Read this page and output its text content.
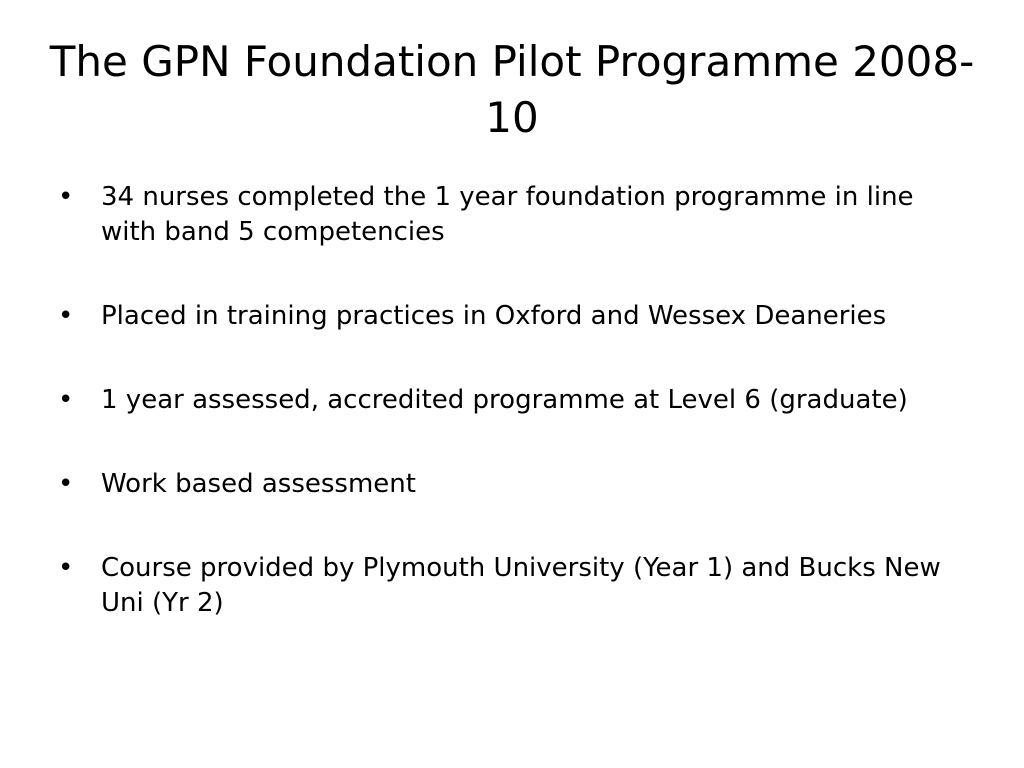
The GPN Foundation Pilot Programme 2008-10
• 34 nurses completed the 1 year foundation programme in line with band 5 competencies
• Placed in training practices in Oxford and Wessex Deaneries
• 1 year assessed, accredited programme at Level 6 (graduate)
• Work based assessment
• Course provided by Plymouth University (Year 1) and Bucks New Uni (Yr 2)
